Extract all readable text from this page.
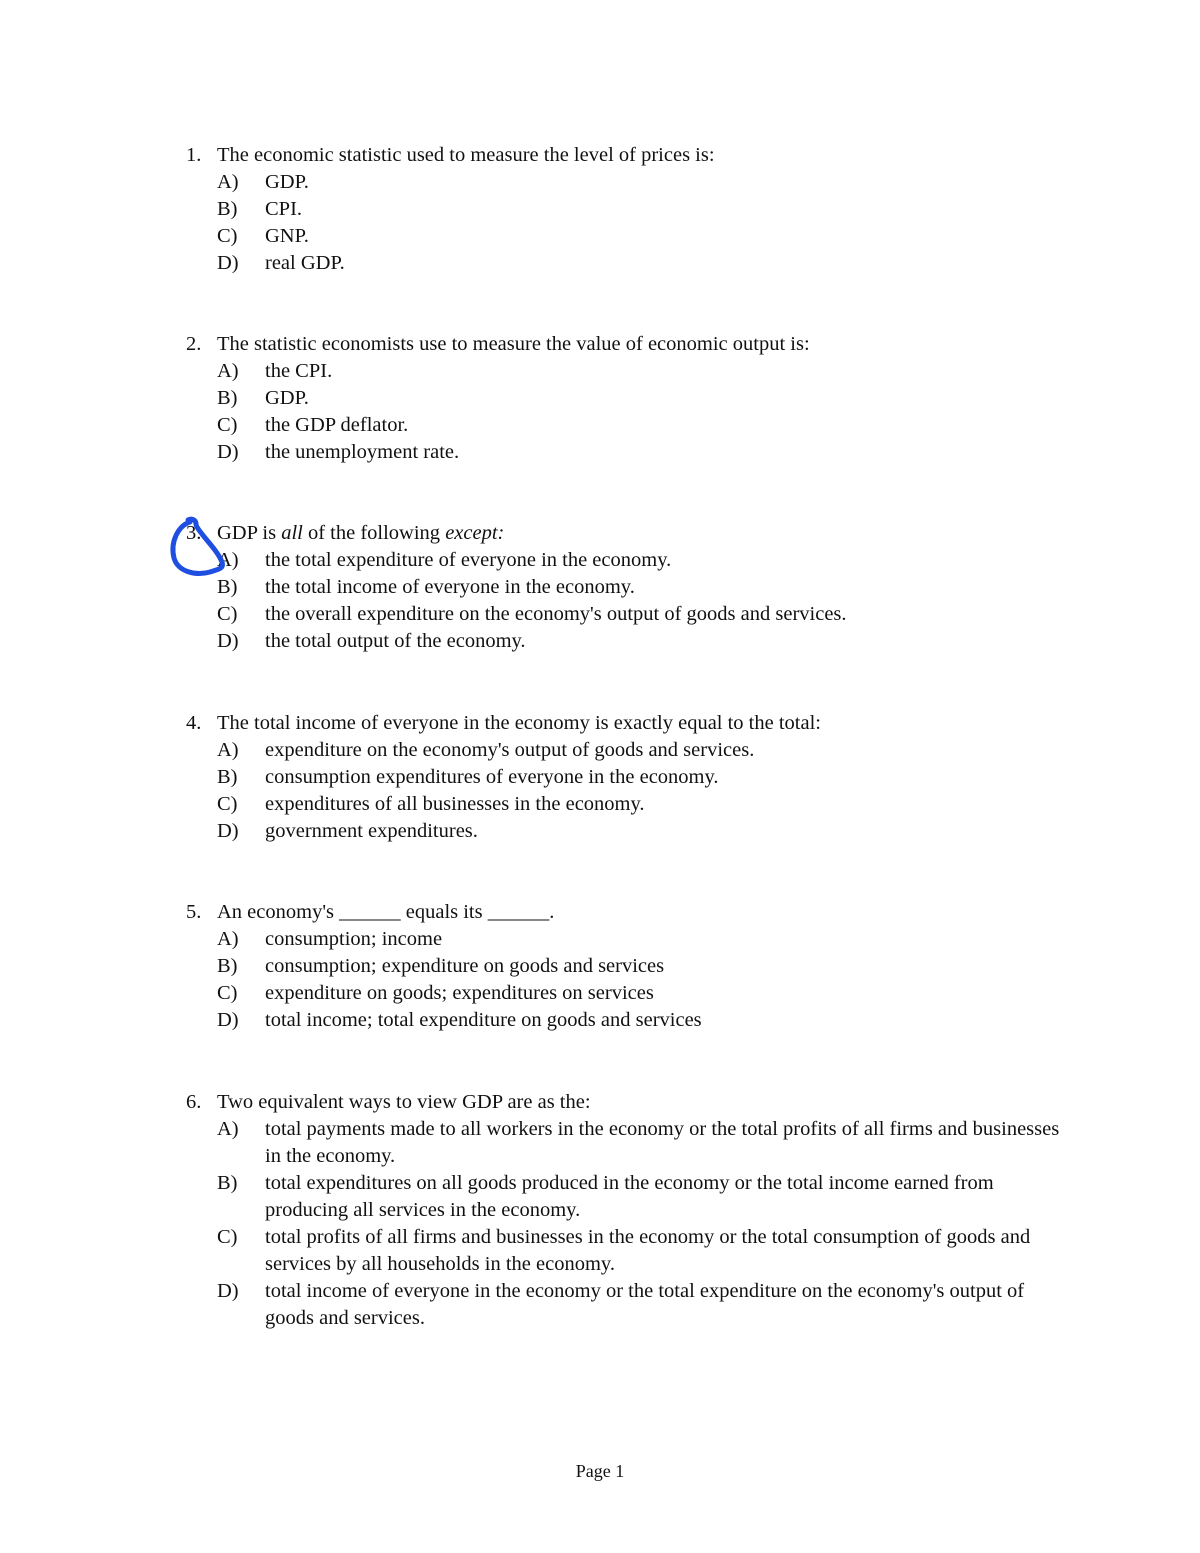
1. The economic statistic used to measure the level of prices is:
A) GDP.
B) CPI.
C) GNP.
D) real GDP.
2. The statistic economists use to measure the value of economic output is:
A) the CPI.
B) GDP.
C) the GDP deflator.
D) the unemployment rate.
3. GDP is all of the following except:
A) the total expenditure of everyone in the economy.
B) the total income of everyone in the economy.
C) the overall expenditure on the economy's output of goods and services.
D) the total output of the economy.
4. The total income of everyone in the economy is exactly equal to the total:
A) expenditure on the economy's output of goods and services.
B) consumption expenditures of everyone in the economy.
C) expenditures of all businesses in the economy.
D) government expenditures.
5. An economy's ______ equals its ______.
A) consumption; income
B) consumption; expenditure on goods and services
C) expenditure on goods; expenditures on services
D) total income; total expenditure on goods and services
6. Two equivalent ways to view GDP are as the:
A) total payments made to all workers in the economy or the total profits of all firms and businesses in the economy.
B) total expenditures on all goods produced in the economy or the total income earned from producing all services in the economy.
C) total profits of all firms and businesses in the economy or the total consumption of goods and services by all households in the economy.
D) total income of everyone in the economy or the total expenditure on the economy's output of goods and services.
Page 1
